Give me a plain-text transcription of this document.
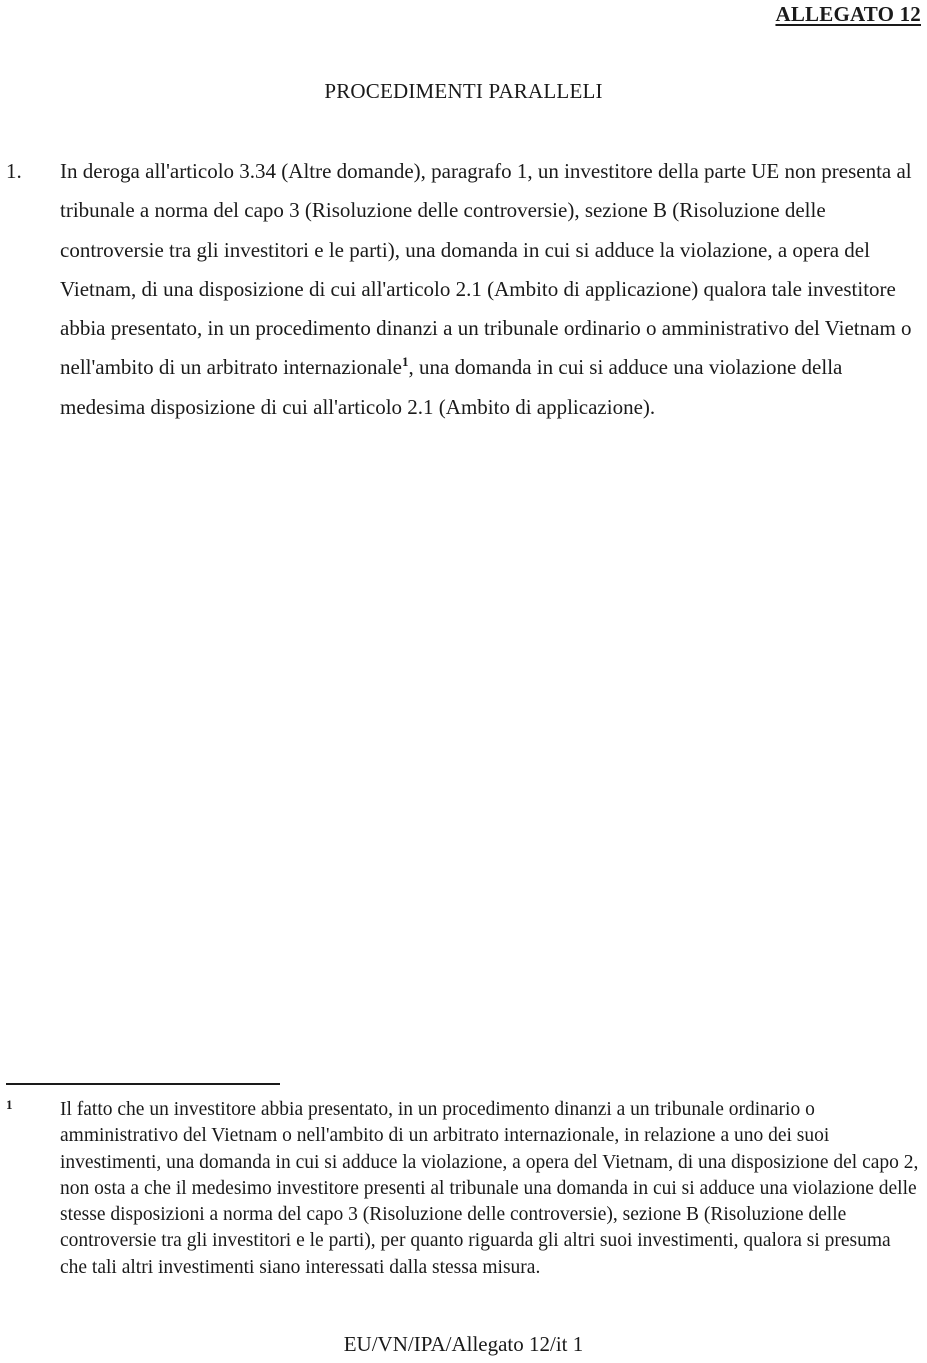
ALLEGATO 12
PROCEDIMENTI PARALLELI
1. In deroga all'articolo 3.34 (Altre domande), paragrafo 1, un investitore della parte UE non presenta al tribunale a norma del capo 3 (Risoluzione delle controversie), sezione B (Risoluzione delle controversie tra gli investitori e le parti), una domanda in cui si adduce la violazione, a opera del Vietnam, di una disposizione di cui all'articolo 2.1 (Ambito di applicazione) qualora tale investitore abbia presentato, in un procedimento dinanzi a un tribunale ordinario o amministrativo del Vietnam o nell'ambito di un arbitrato internazionale$^1$, una domanda in cui si adduce una violazione della medesima disposizione di cui all'articolo 2.1 (Ambito di applicazione).
1 Il fatto che un investitore abbia presentato, in un procedimento dinanzi a un tribunale ordinario o amministrativo del Vietnam o nell'ambito di un arbitrato internazionale, in relazione a uno dei suoi investimenti, una domanda in cui si adduce la violazione, a opera del Vietnam, di una disposizione del capo 2, non osta a che il medesimo investitore presenti al tribunale una domanda in cui si adduce una violazione delle stesse disposizioni a norma del capo 3 (Risoluzione delle controversie), sezione B (Risoluzione delle controversie tra gli investitori e le parti), per quanto riguarda gli altri suoi investimenti, qualora si presuma che tali altri investimenti siano interessati dalla stessa misura.
EU/VN/IPA/Allegato 12/it 1
